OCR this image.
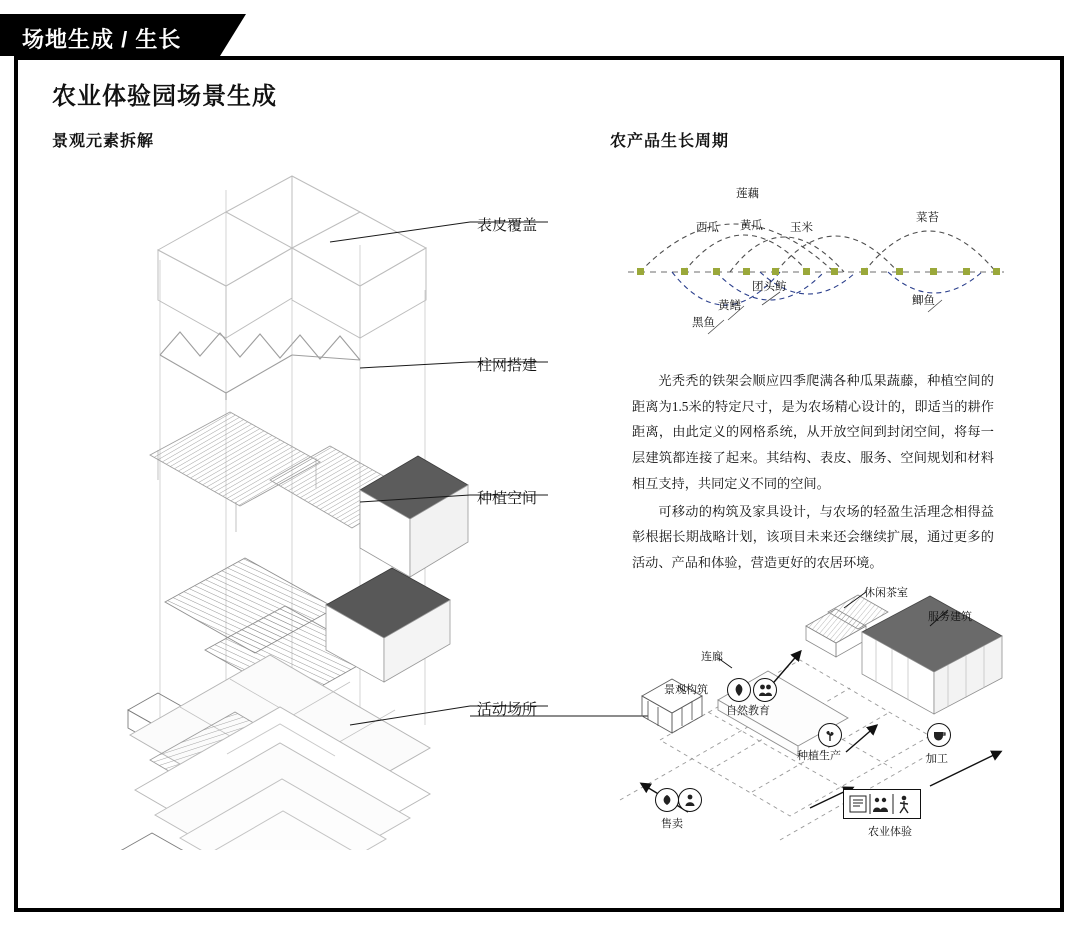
场地生成 / 生长
农业体验园场景生成
景观元素拆解	农产品生长周期
表皮覆盖
柱网搭建
种植空间
活动场所
莲藕
西瓜 黄瓜 玉米
菜苔
团头鲂
黄鳝
黑鱼
鲫鱼

光秃秃的铁架会顺应四季爬满各种瓜果蔬藤，种植空间的距离为1.5米的特定尺寸，是为农场精心设计的，即适当的耕作距离，由此定义的网格系统，从开放空间到封闭空间，将每一层建筑都连接了起来。其结构、表皮、服务、空间规划和材料相互支持，共同定义不同的空间。

可移动的构筑及家具设计，与农场的轻盈生活理念相得益彰根据长期战略计划，该项目未来还会继续扩展，通过更多的活动、产品和体验，营造更好的农居环境。

休闲茶室
服务建筑
连廊
景观构筑
自然教育
种植生产	加工
售卖
农业体验
